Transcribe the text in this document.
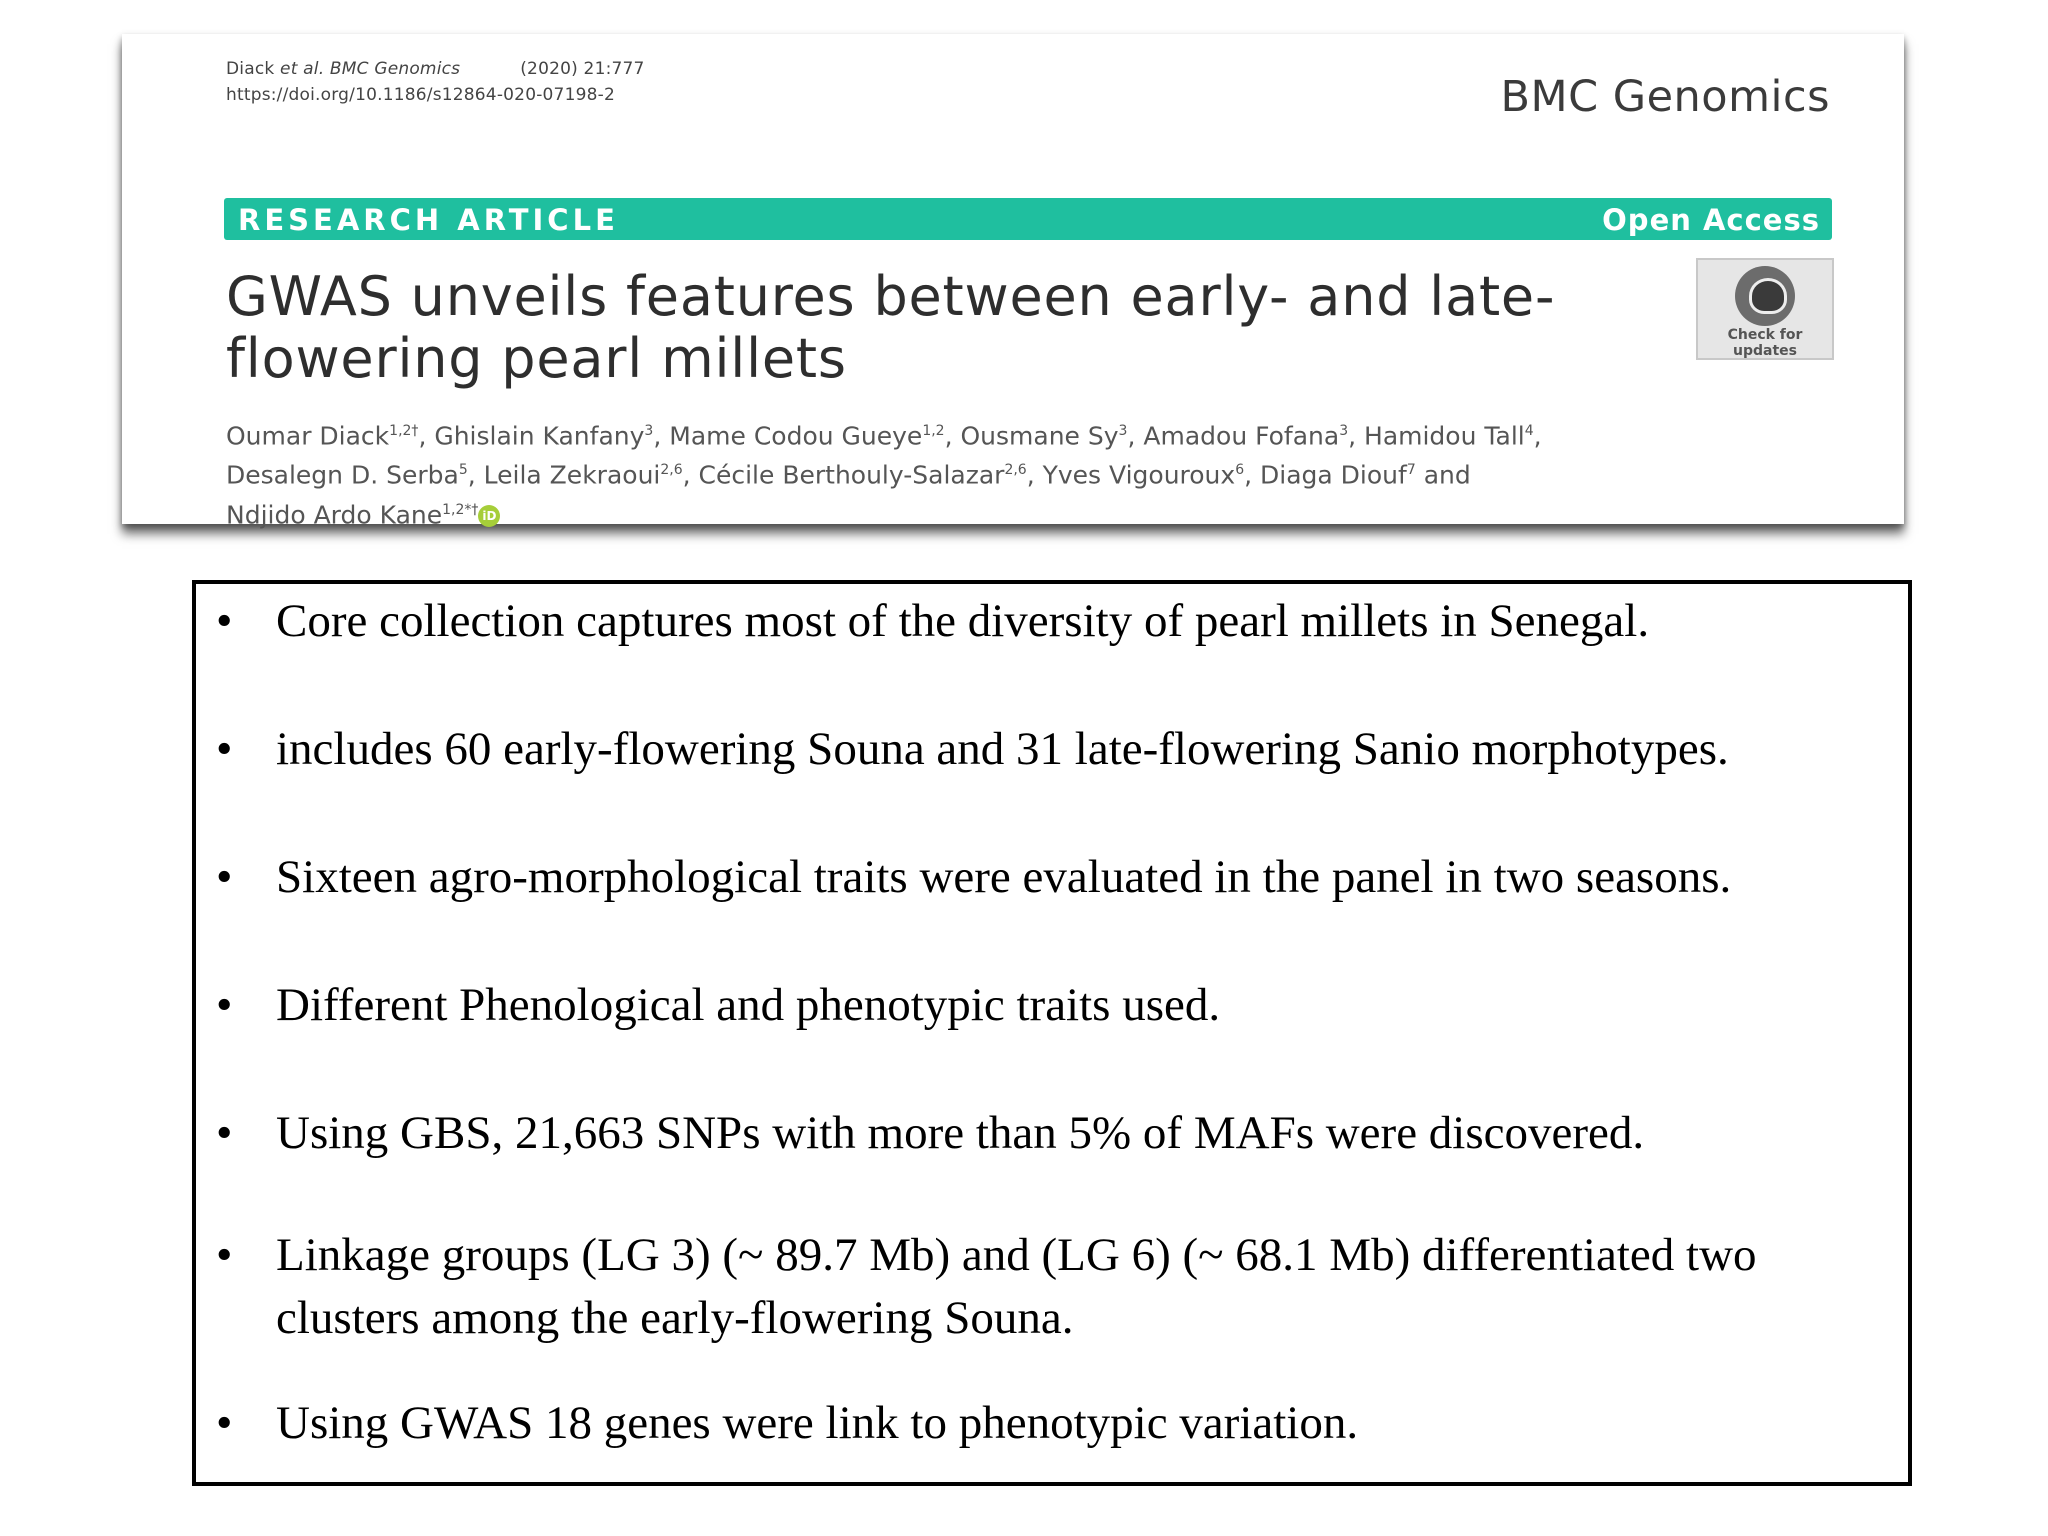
Diack et al. BMC Genomics	(2020) 21:777
https://doi.org/10.1186/s12864-020-07198-2	BMC Genomics
RESEARCH ARTICLE	Open Access
GWAS unveils features between early- and late-flowering pearl millets	Check for
updates
Oumar Diack$^{1,2\dagger}$, Ghislain Kanfany$^3$, Mame Codou Gueye$^{1,2}$, Ousmane Sy$^3$, Amadou Fofana$^3$, Hamidou Tall$^4$,
Desalegn D. Serba$^5$, Leila Zekraoui$^{2,6}$, Cécile Berthouly-Salazar$^{2,6}$, Yves Vigouroux$^6$, Diaga Diouf$^7$ and
Ndjido Ardo Kane$^{1,2*\dagger}$ iD
• Core collection captures most of the diversity of pearl millets in Senegal.
• includes 60 early-flowering Souna and 31 late-flowering Sanio morphotypes.
• Sixteen agro-morphological traits were evaluated in the panel in two seasons.
• Different Phenological and phenotypic traits used.
• Using GBS, 21,663 SNPs with more than 5% of MAFs were discovered.
• Linkage groups (LG 3) (~ 89.7 Mb) and (LG 6) (~ 68.1 Mb) differentiated two clusters among the early-flowering Souna.
• Using GWAS 18 genes were link to phenotypic variation.
